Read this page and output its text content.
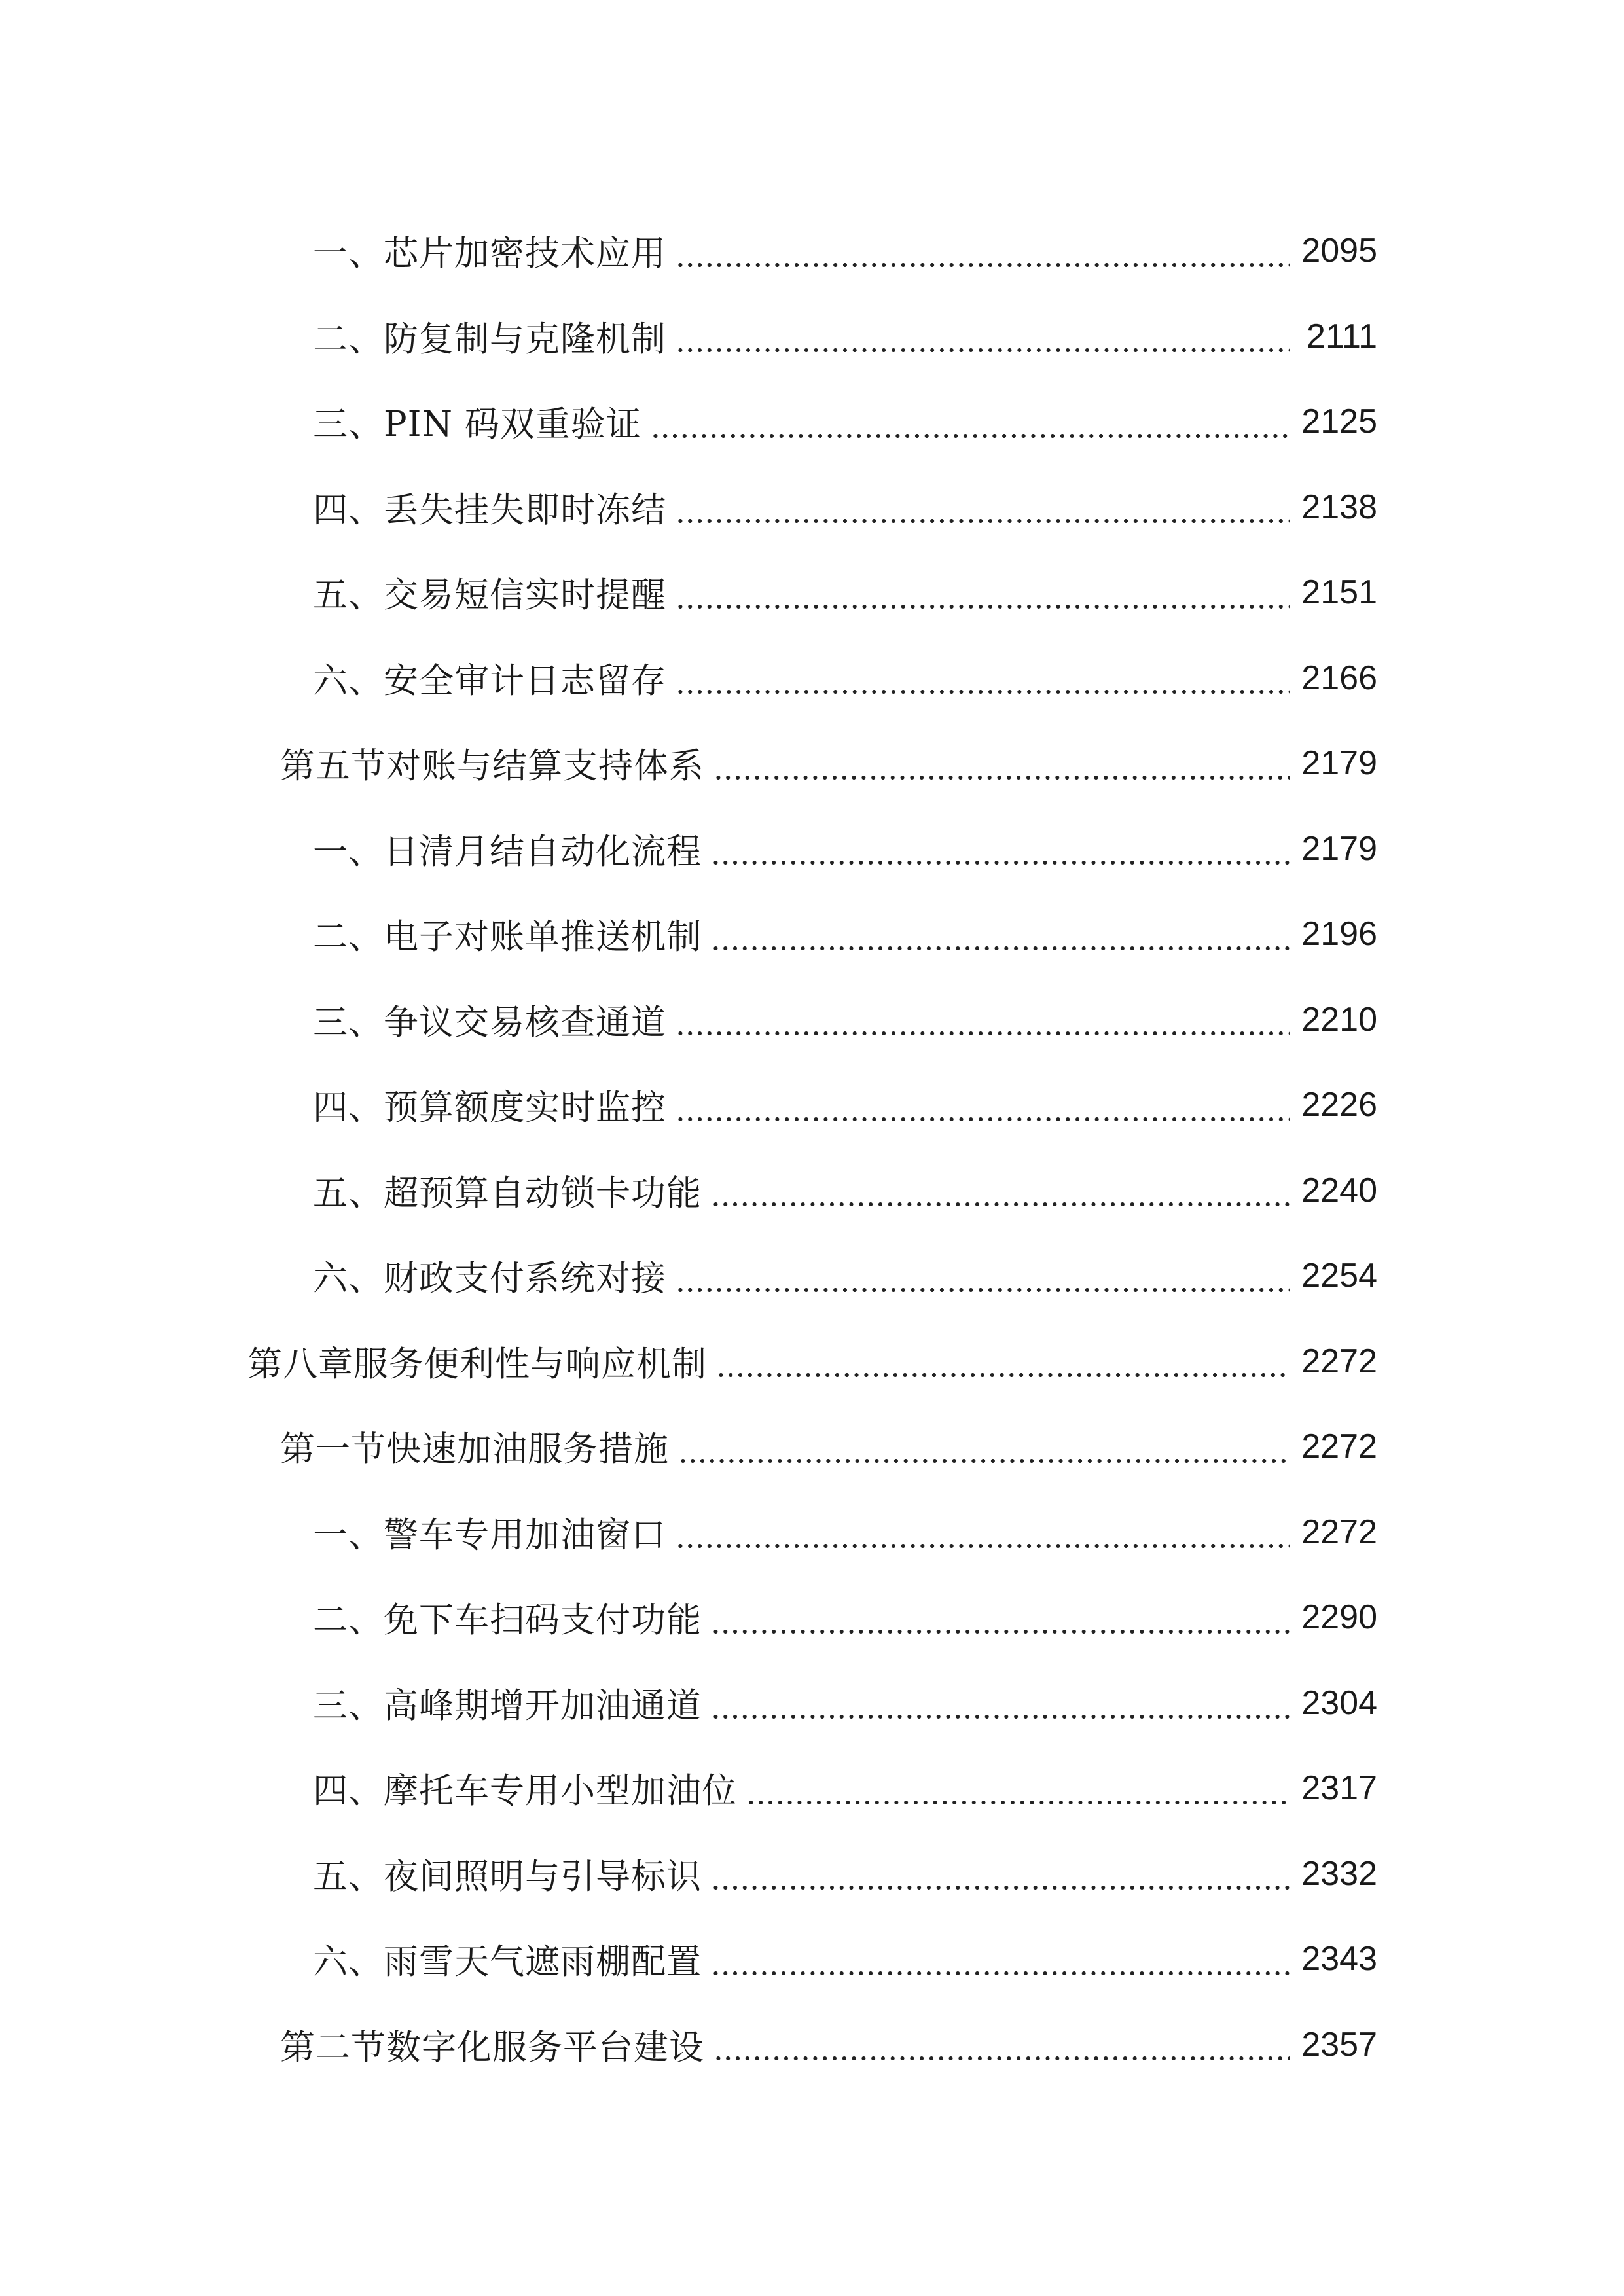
一、芯片加密技术应用	2095
二、防复制与克隆机制	2111
三、PIN 码双重验证	2125
四、丢失挂失即时冻结	2138
五、交易短信实时提醒	2151
六、安全审计日志留存	2166
第五节对账与结算支持体系	2179
一、日清月结自动化流程	2179
二、电子对账单推送机制	2196
三、争议交易核查通道	2210
四、预算额度实时监控	2226
五、超预算自动锁卡功能	2240
六、财政支付系统对接	2254
第八章服务便利性与响应机制	2272
第一节快速加油服务措施	2272
一、警车专用加油窗口	2272
二、免下车扫码支付功能	2290
三、高峰期增开加油通道	2304
四、摩托车专用小型加油位	2317
五、夜间照明与引导标识	2332
六、雨雪天气遮雨棚配置	2343
第二节数字化服务平台建设	2357
